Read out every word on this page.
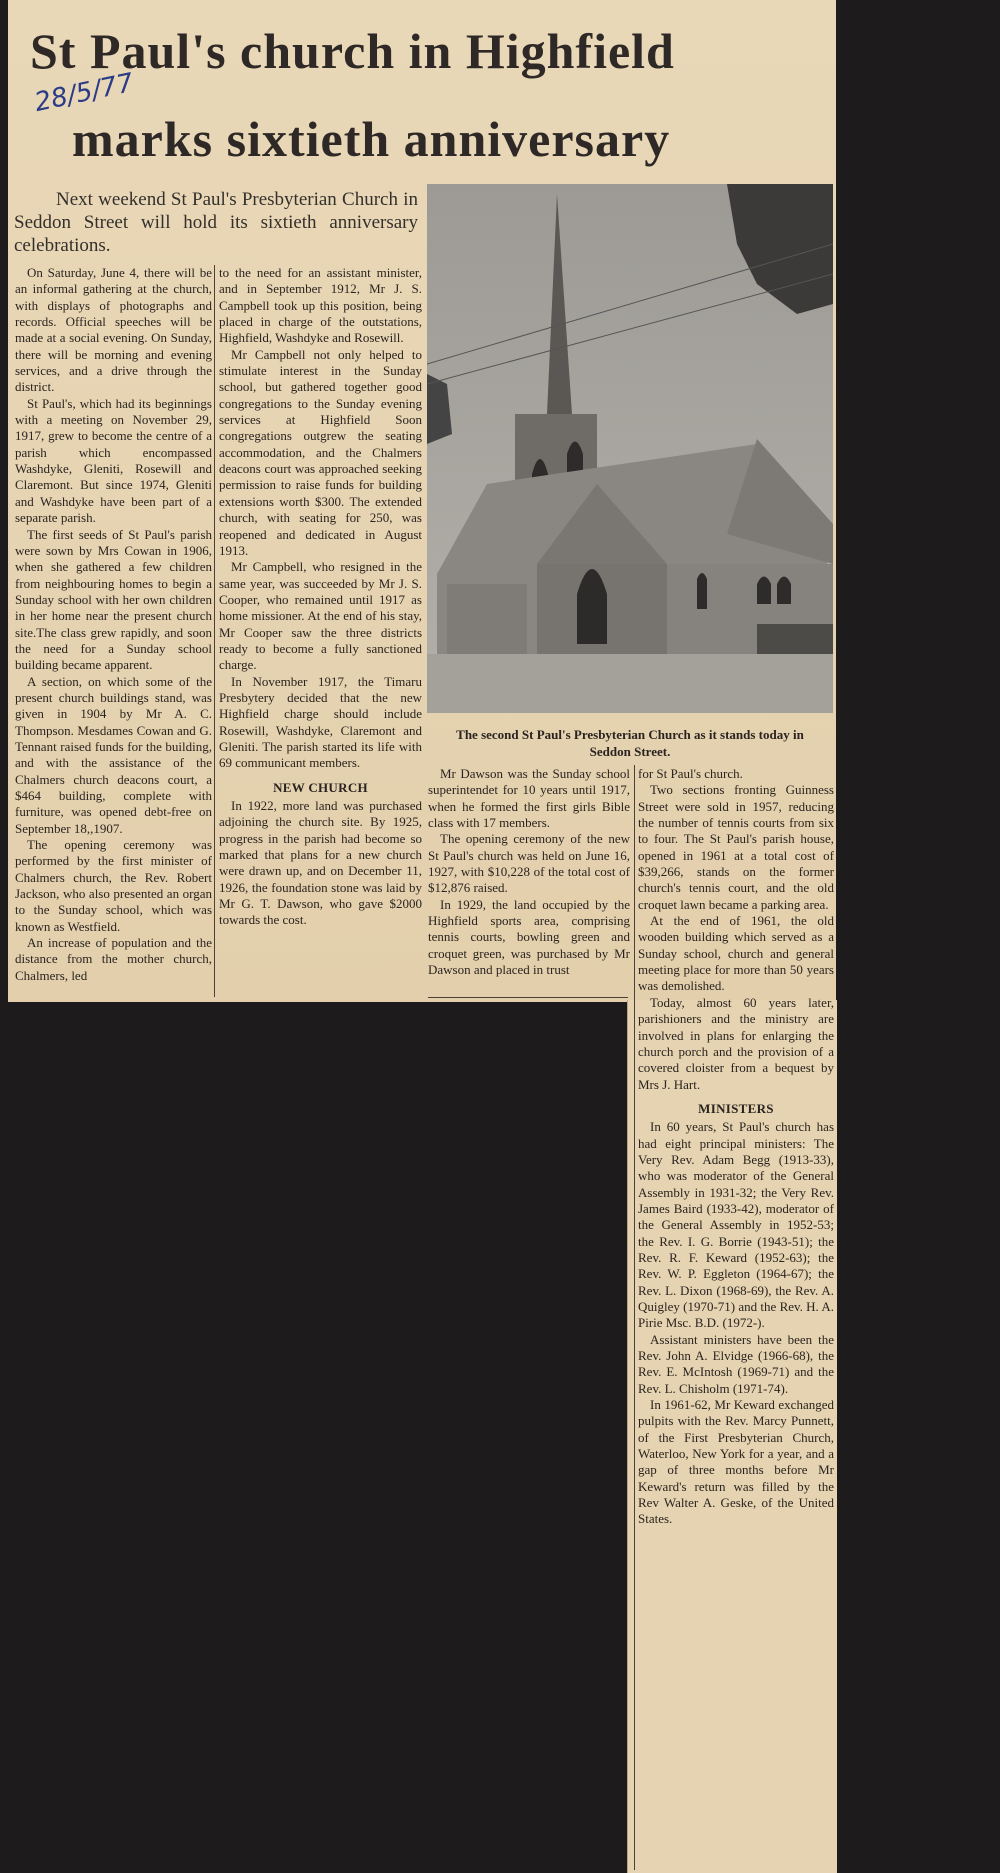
St Paul's church in Highfield
marks sixtieth anniversary
28/5/77

Next weekend St Paul's Presbyterian Church in Seddon Street will hold its sixtieth anniversary celebrations.

On Saturday, June 4, there will be an informal gathering at the church, with displays of photographs and records. Official speeches will be made at a social evening. On Sunday, there will be morning and evening services, and a drive through the district.

St Paul's, which had its beginnings with a meeting on November 29, 1917, grew to become the centre of a parish which encompassed Washdyke, Gleniti, Rosewill and Claremont. But since 1974, Gleniti and Washdyke have been part of a separate parish.

The first seeds of St Paul's parish were sown by Mrs Cowan in 1906, when she gathered a few children from neighbouring homes to begin a Sunday school with her own children in her home near the present church site.The class grew rapidly, and soon the need for a Sunday school building became apparent.

A section, on which some of the present church buildings stand, was given in 1904 by Mr A. C. Thompson. Mesdames Cowan and G. Tennant raised funds for the building, and with the assistance of the Chalmers church deacons court, a $464 building, complete with furniture, was opened debt-free on September 18,,1907.

The opening ceremony was performed by the first minister of Chalmers church, the Rev. Robert Jackson, who also presented an organ to the Sunday school, which was known as Westfield.

An increase of population and the distance from the mother church, Chalmers, led

to the need for an assistant minister, and in September 1912, Mr J. S. Campbell took up this position, being placed in charge of the outstations, Highfield, Washdyke and Rosewill.

Mr Campbell not only helped to stimulate interest in the Sunday school, but gathered together good congregations to the Sunday evening services at Highfield Soon congregations outgrew the seating accommodation, and the Chalmers deacons court was approached seeking permission to raise funds for building extensions worth $300. The extended church, with seating for 250, was reopened and dedicated in August 1913.

Mr Campbell, who resigned in the same year, was succeeded by Mr J. S. Cooper, who remained until 1917 as home missioner. At the end of his stay, Mr Cooper saw the three districts ready to become a fully sanctioned charge.

In November 1917, the Timaru Presbytery decided that the new Highfield charge should include Rosewill, Washdyke, Claremont and Gleniti. The parish started its life with 69 communicant members.

NEW CHURCH

In 1922, more land was purchased adjoining the church site. By 1925, progress in the parish had become so marked that plans for a new church were drawn up, and on December 11, 1926, the foundation stone was laid by Mr G. T. Dawson, who gave $2000 towards the cost.

The second St Paul's Presbyterian Church as it stands today in Seddon Street.

Mr Dawson was the Sunday school superintendet for 10 years until 1917, when he formed the first girls Bible class with 17 members.

The opening ceremony of the new St Paul's church was held on June 16, 1927, with $10,228 of the total cost of $12,876 raised.

In 1929, the land occupied by the Highfield sports area, comprising tennis courts, bowling green and croquet green, was purchased by Mr Dawson and placed in trust

for St Paul's church.

Two sections fronting Guinness Street were sold in 1957, reducing the number of tennis courts from six to four. The St Paul's parish house, opened in 1961 at a total cost of $39,266, stands on the former church's tennis court, and the old croquet lawn became a parking area.

At the end of 1961, the old wooden building which served as a Sunday school, church and general meeting place for more than 50 years was demolished.

Today, almost 60 years later, parishioners and the ministry are involved in plans for enlarging the church porch and the provision of a covered cloister from a bequest by Mrs J. Hart.

MINISTERS

In 60 years, St Paul's church has had eight principal ministers: The Very Rev. Adam Begg (1913-33), who was moderator of the General Assembly in 1931-32; the Very Rev. James Baird (1933-42), moderator of the General Assembly in 1952-53; the Rev. I. G. Borrie (1943-51); the Rev. R. F. Keward (1952-63); the Rev. W. P. Eggleton (1964-67); the Rev. L. Dixon (1968-69), the Rev. A. Quigley (1970-71) and the Rev. H. A. Pirie Msc. B.D. (1972-).

Assistant ministers have been the Rev. John A. Elvidge (1966-68), the Rev. E. McIntosh (1969-71) and the Rev. L. Chisholm (1971-74).

In 1961-62, Mr Keward exchanged pulpits with the Rev. Marcy Punnett, of the First Presbyterian Church, Waterloo, New York for a year, and a gap of three months before Mr Keward's return was filled by the Rev Walter A. Geske, of the United States.
